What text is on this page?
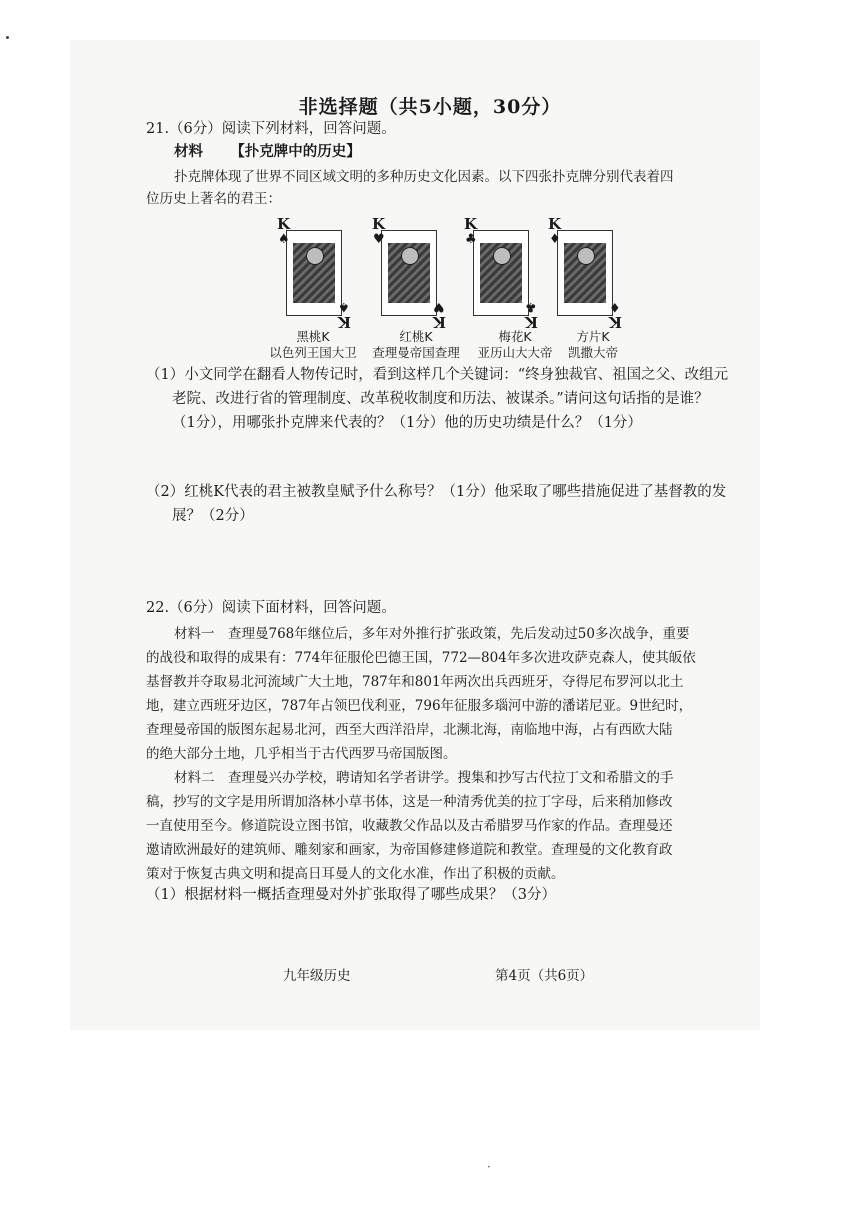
非选择题（共5小题，30分）
21.（6分）阅读下列材料，回答问题。
材料 【扑克牌中的历史】
扑克牌体现了世界不同区域文明的多种历史文化因素。以下四张扑克牌分别代表着四
位历史上著名的君王：
K
♠
♠
K
K
♥
♥
K
K
♣
♣
K
K
♦
♦
K
黑桃K
以色列王国大卫
红桃K
查理曼帝国查理
梅花K
亚历山大大帝
方片K
凯撒大帝
（1）小文同学在翻看人物传记时，看到这样几个关键词：“终身独裁官、祖国之父、改组元
老院、改进行省的管理制度、改革税收制度和历法、被谋杀。”请问这句话指的是谁？
（1分），用哪张扑克牌来代表的？（1分）他的历史功绩是什么？（1分）
（2）红桃K代表的君主被教皇赋予什么称号？（1分）他采取了哪些措施促进了基督教的发
展？（2分）
22.（6分）阅读下面材料，回答问题。
材料一　查理曼768年继位后，多年对外推行扩张政策，先后发动过50多次战争，重要
的战役和取得的成果有：774年征服伦巴德王国，772—804年多次进攻萨克森人，使其皈依
基督教并夺取易北河流域广大土地，787年和801年两次出兵西班牙，夺得尼布罗河以北土
地，建立西班牙边区，787年占领巴伐利亚，796年征服多瑙河中游的潘诺尼亚。9世纪时，
查理曼帝国的版图东起易北河，西至大西洋沿岸，北濒北海，南临地中海，占有西欧大陆
的绝大部分土地，几乎相当于古代西罗马帝国版图。
材料二　查理曼兴办学校，聘请知名学者讲学。搜集和抄写古代拉丁文和希腊文的手
稿，抄写的文字是用所谓加洛林小草书体，这是一种清秀优美的拉丁字母，后来稍加修改
一直使用至今。修道院设立图书馆，收藏教父作品以及古希腊罗马作家的作品。查理曼还
邀请欧洲最好的建筑师、雕刻家和画家，为帝国修建修道院和教堂。查理曼的文化教育政
策对于恢复古典文明和提高日耳曼人的文化水准，作出了积极的贡献。
（1）根据材料一概括查理曼对外扩张取得了哪些成果？（3分）
九年级历史	第4页（共6页）
·
